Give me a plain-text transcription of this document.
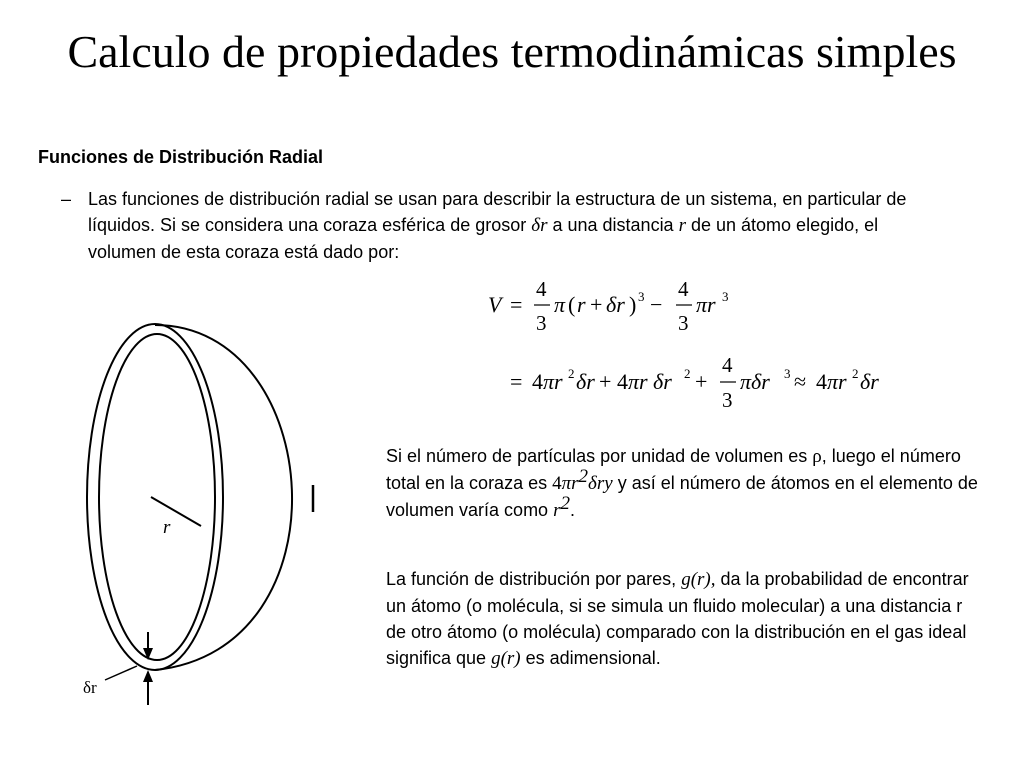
Calculo de propiedades termodinámicas simples
Funciones de Distribución Radial
– Las funciones de distribución radial se usan para describir la estructura de un sistema, en particular de líquidos. Si se considera una coraza esférica de grosor δr a una distancia r de un átomo elegido, el volumen de esta coraza está dado por:
V =
4
3
π ( r + δr ) 3 −
4
3
πr 3
= 4 πr 2 δr + 4 πr δr 2 +
4
3
πδr 3 ≈ 4 πr 2 δr
Si el número de partículas por unidad de volumen es ρ, luego el número total en la coraza es $4\pi r^2\delta ry$ y así el número de átomos en el elemento de volumen varía como $r^2$.
La función de distribución por pares, g(r), da la probabilidad de encontrar un átomo (o molécula, si se simula un fluido molecular) a una distancia r de otro átomo (o molécula) comparado con la distribución en el gas ideal significa que g(r) es adimensional.
r
δr
